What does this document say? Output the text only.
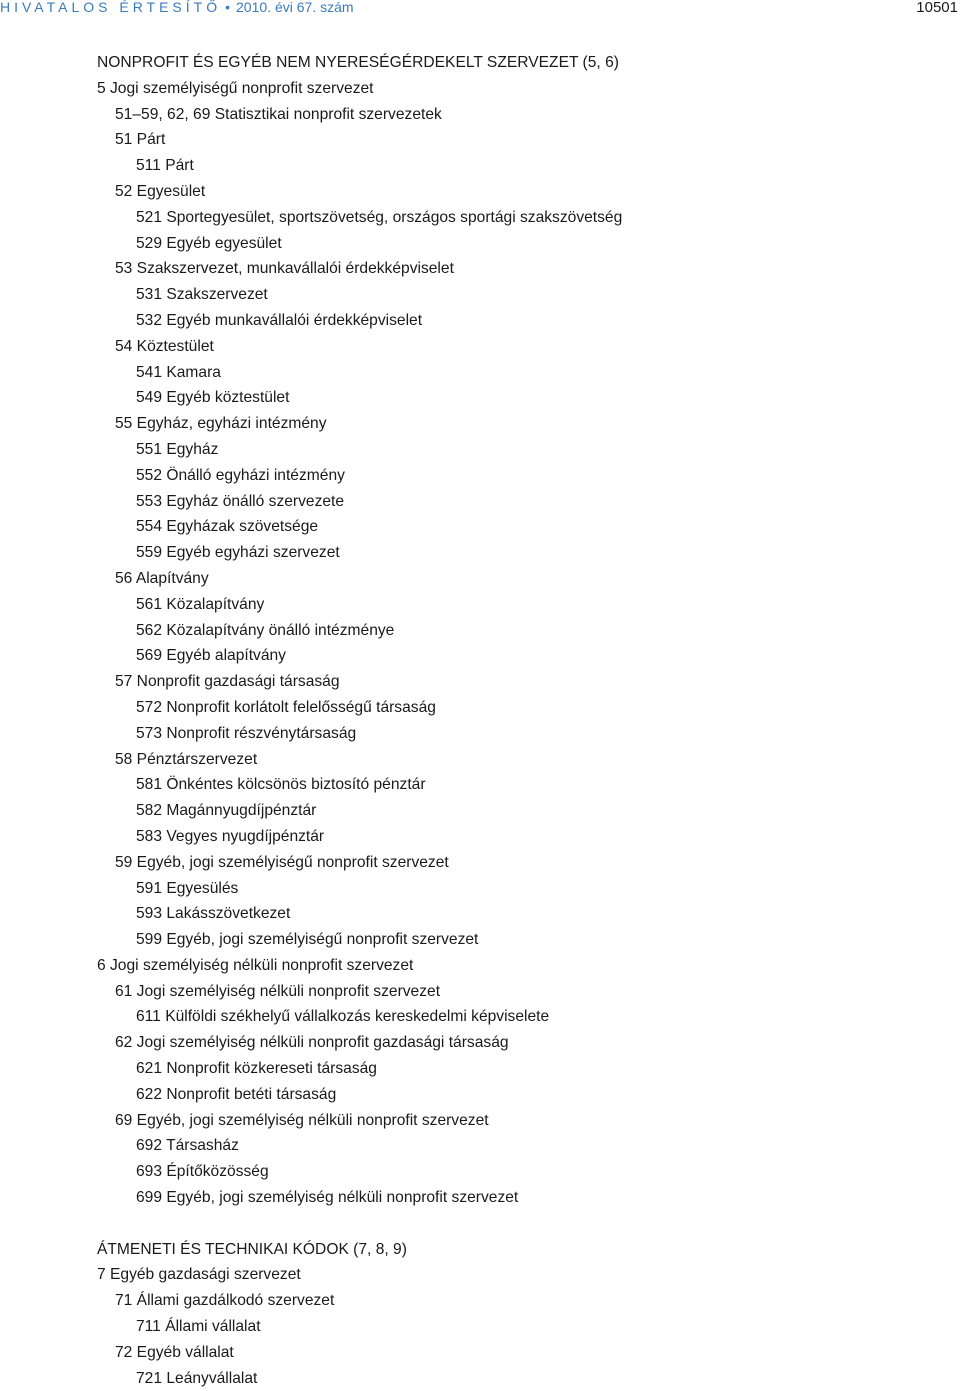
HIVATALOS ÉRTESÍTŐ • 2010. évi 67. szám	10501
NONPROFIT ÉS EGYÉB NEM NYERESÉGÉRDEKELT SZERVEZET (5, 6)
5 Jogi személyiségű nonprofit szervezet
51–59, 62, 69 Statisztikai nonprofit szervezetek
51 Párt
511 Párt
52 Egyesület
521 Sportegyesület, sportszövetség, országos sportági szakszövetség
529 Egyéb egyesület
53 Szakszervezet, munkavállalói érdekképviselet
531 Szakszervezet
532 Egyéb munkavállalói érdekképviselet
54 Köztestület
541 Kamara
549 Egyéb köztestület
55 Egyház, egyházi intézmény
551 Egyház
552 Önálló egyházi intézmény
553 Egyház önálló szervezete
554 Egyházak szövetsége
559 Egyéb egyházi szervezet
56 Alapítvány
561 Közalapítvány
562 Közalapítvány önálló intézménye
569 Egyéb alapítvány
57 Nonprofit gazdasági társaság
572 Nonprofit korlátolt felelősségű társaság
573 Nonprofit részvénytársaság
58 Pénztárszervezet
581 Önkéntes kölcsönös biztosító pénztár
582 Magánnyugdíjpénztár
583 Vegyes nyugdíjpénztár
59 Egyéb, jogi személyiségű nonprofit szervezet
591 Egyesülés
593 Lakásszövetkezet
599 Egyéb, jogi személyiségű nonprofit szervezet
6 Jogi személyiség nélküli nonprofit szervezet
61 Jogi személyiség nélküli nonprofit szervezet
611 Külföldi székhelyű vállalkozás kereskedelmi képviselete
62 Jogi személyiség nélküli nonprofit gazdasági társaság
621 Nonprofit közkereseti társaság
622 Nonprofit betéti társaság
69 Egyéb, jogi személyiség nélküli nonprofit szervezet
692 Társasház
693 Építőközösség
699 Egyéb, jogi személyiség nélküli nonprofit szervezet
ÁTMENETI ÉS TECHNIKAI KÓDOK (7, 8, 9)
7 Egyéb gazdasági szervezet
71 Állami gazdálkodó szervezet
711 Állami vállalat
72 Egyéb vállalat
721 Leányvállalat
